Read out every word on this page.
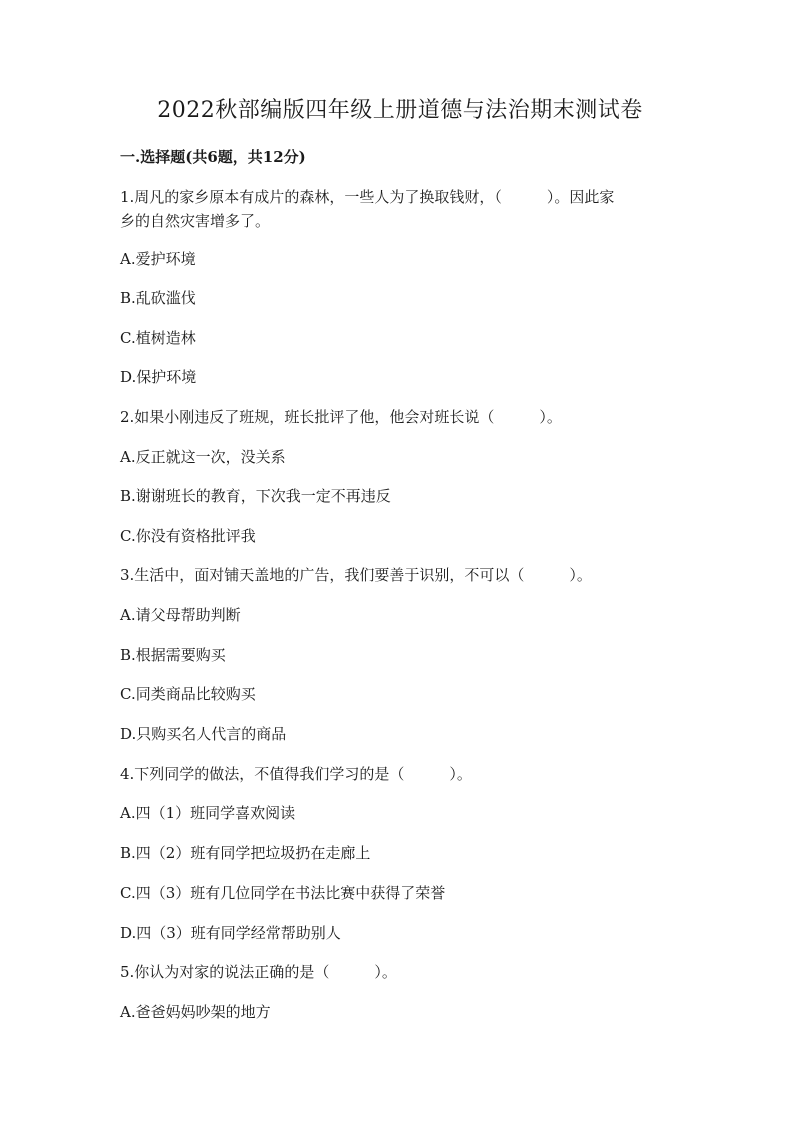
2022秋部编版四年级上册道德与法治期末测试卷
一.选择题(共6题，共12分)
1.周凡的家乡原本有成片的森林，一些人为了换取钱财，（　　　）。因此家
乡的自然灾害增多了。
A.爱护环境
B.乱砍滥伐
C.植树造林
D.保护环境
2.如果小刚违反了班规，班长批评了他，他会对班长说（　　　）。
A.反正就这一次，没关系
B.谢谢班长的教育，下次我一定不再违反
C.你没有资格批评我
3.生活中，面对铺天盖地的广告，我们要善于识别，不可以（　　　）。
A.请父母帮助判断
B.根据需要购买
C.同类商品比较购买
D.只购买名人代言的商品
4.下列同学的做法，不值得我们学习的是（　　　）。
A.四（1）班同学喜欢阅读
B.四（2）班有同学把垃圾扔在走廊上
C.四（3）班有几位同学在书法比赛中获得了荣誉
D.四（3）班有同学经常帮助别人
5.你认为对家的说法正确的是（　　　）。
A.爸爸妈妈吵架的地方
